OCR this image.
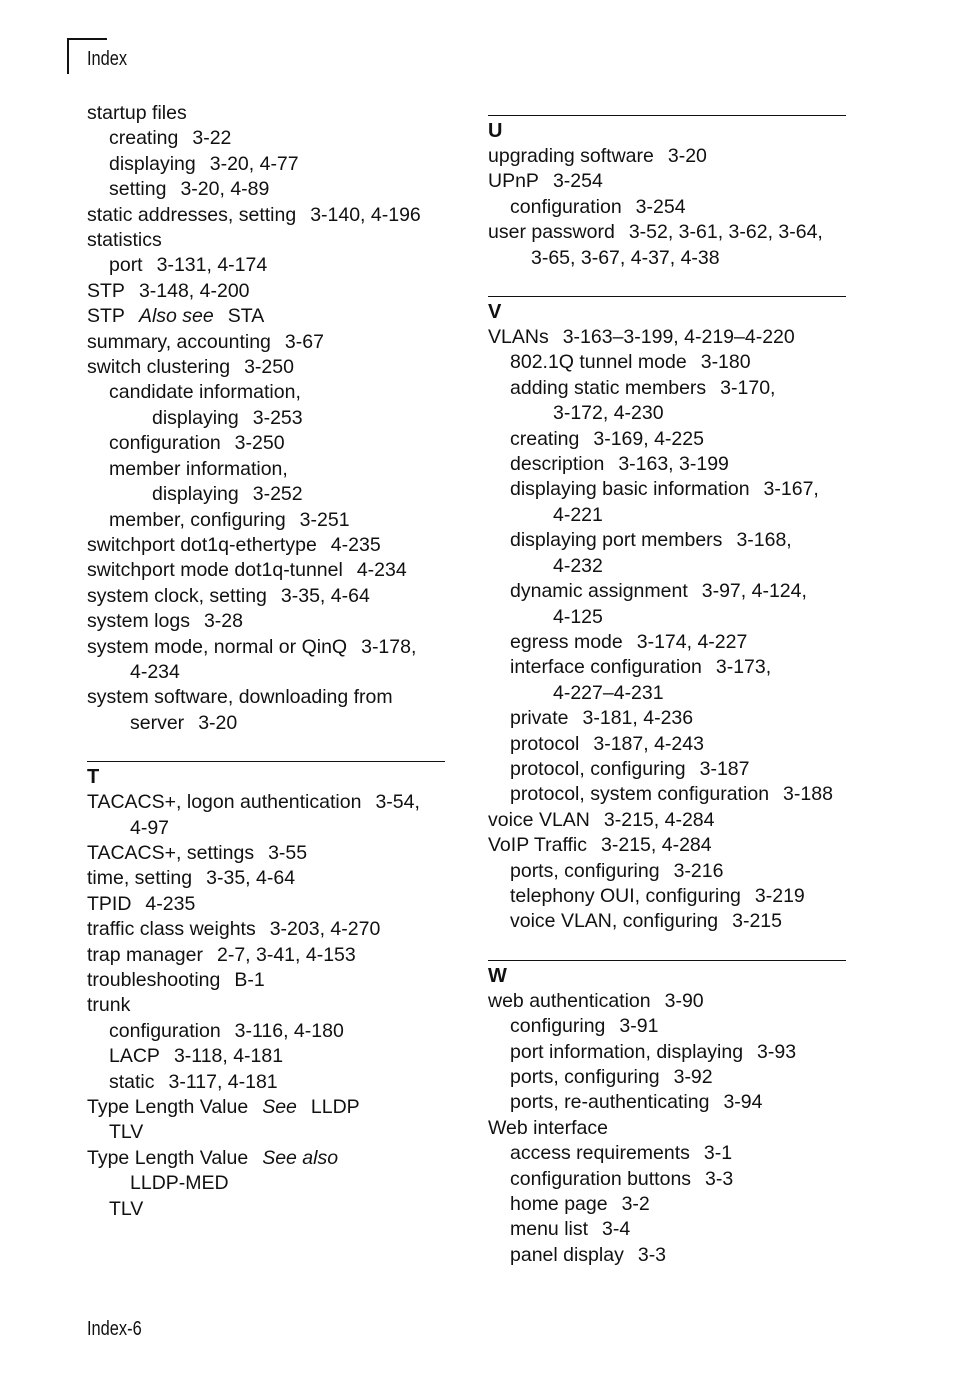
Index
startup files
creating 3-22
displaying 3-20, 4-77
setting 3-20, 4-89
static addresses, setting 3-140, 4-196
statistics
port 3-131, 4-174
STP 3-148, 4-200
STP Also see STA
summary, accounting 3-67
switch clustering 3-250
candidate information,
displaying 3-253
configuration 3-250
member information,
displaying 3-252
member, configuring 3-251
switchport dot1q-ethertype 4-235
switchport mode dot1q-tunnel 4-234
system clock, setting 3-35, 4-64
system logs 3-28
system mode, normal or QinQ 3-178,
4-234
system software, downloading from
server 3-20
T
TACACS+, logon authentication 3-54,
4-97
TACACS+, settings 3-55
time, setting 3-35, 4-64
TPID 4-235
traffic class weights 3-203, 4-270
trap manager 2-7, 3-41, 4-153
troubleshooting B-1
trunk
configuration 3-116, 4-180
LACP 3-118, 4-181
static 3-117, 4-181
Type Length Value See LLDP
TLV
Type Length Value See also
LLDP-MED
TLV
U
upgrading software 3-20
UPnP 3-254
configuration 3-254
user password 3-52, 3-61, 3-62, 3-64,
3-65, 3-67, 4-37, 4-38
V
VLANs 3-163–3-199, 4-219–4-220
802.1Q tunnel mode 3-180
adding static members 3-170,
3-172, 4-230
creating 3-169, 4-225
description 3-163, 3-199
displaying basic information 3-167,
4-221
displaying port members 3-168,
4-232
dynamic assignment 3-97, 4-124,
4-125
egress mode 3-174, 4-227
interface configuration 3-173,
4-227–4-231
private 3-181, 4-236
protocol 3-187, 4-243
protocol, configuring 3-187
protocol, system configuration 3-188
voice VLAN 3-215, 4-284
VoIP Traffic 3-215, 4-284
ports, configuring 3-216
telephony OUI, configuring 3-219
voice VLAN, configuring 3-215
W
web authentication 3-90
configuring 3-91
port information, displaying 3-93
ports, configuring 3-92
ports, re-authenticating 3-94
Web interface
access requirements 3-1
configuration buttons 3-3
home page 3-2
menu list 3-4
panel display 3-3
Index-6
